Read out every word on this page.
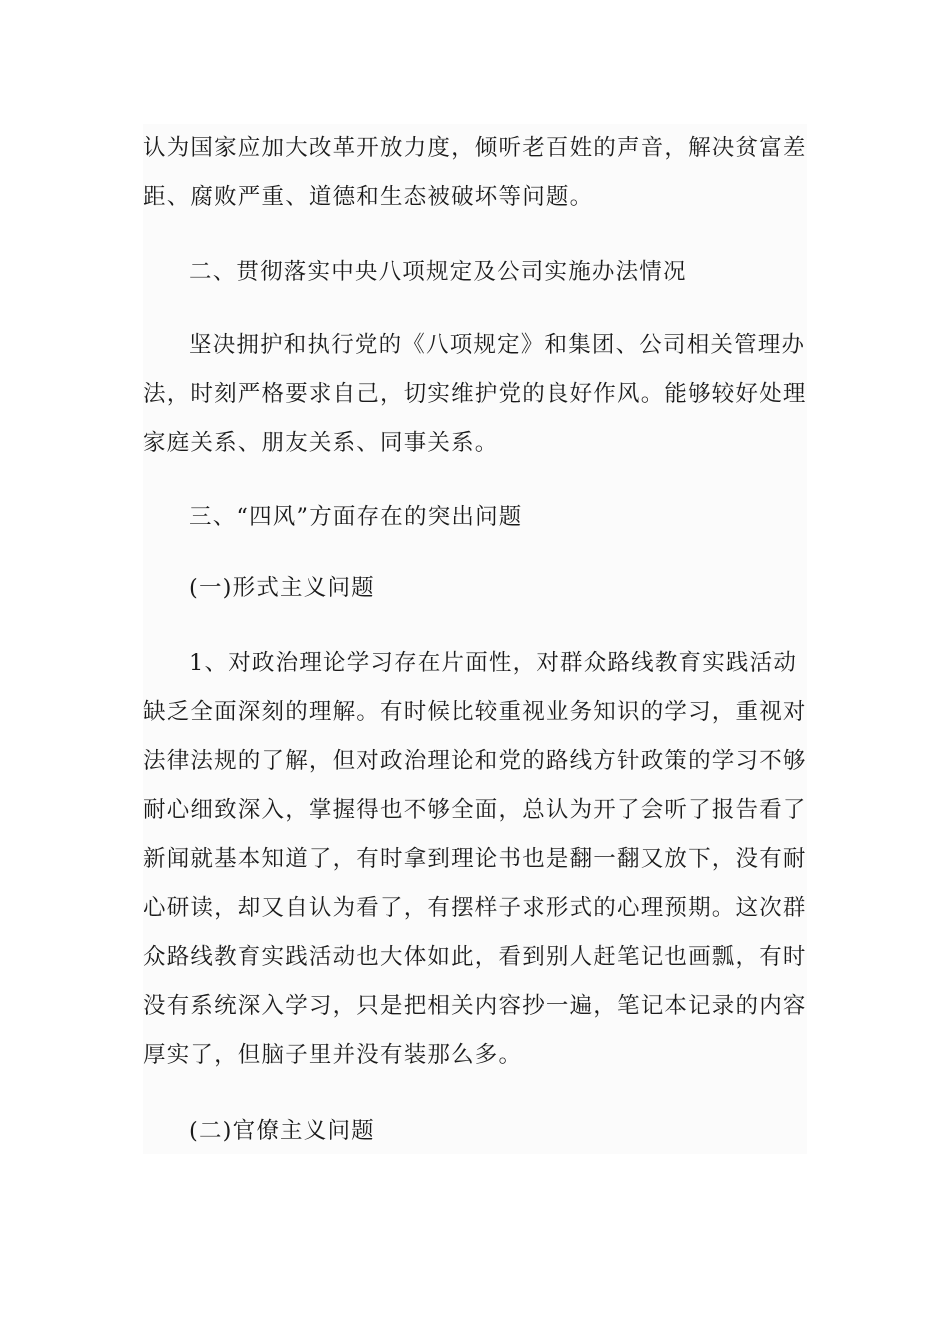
认为国家应加大改革开放力度，倾听老百姓的声音，解决贫富差距、腐败严重、道德和生态被破坏等问题。

二、贯彻落实中央八项规定及公司实施办法情况

坚决拥护和执行党的《八项规定》和集团、公司相关管理办法，时刻严格要求自己，切实维护党的良好作风。能够较好处理家庭关系、朋友关系、同事关系。

三、“四风”方面存在的突出问题

(一)形式主义问题

1、对政治理论学习存在片面性，对群众路线教育实践活动缺乏全面深刻的理解。有时候比较重视业务知识的学习，重视对法律法规的了解，但对政治理论和党的路线方针政策的学习不够耐心细致深入，掌握得也不够全面，总认为开了会听了报告看了新闻就基本知道了，有时拿到理论书也是翻一翻又放下，没有耐心研读，却又自认为看了，有摆样子求形式的心理预期。这次群众路线教育实践活动也大体如此，看到别人赶笔记也画瓢，有时没有系统深入学习，只是把相关内容抄一遍，笔记本记录的内容厚实了，但脑子里并没有装那么多。

(二)官僚主义问题
